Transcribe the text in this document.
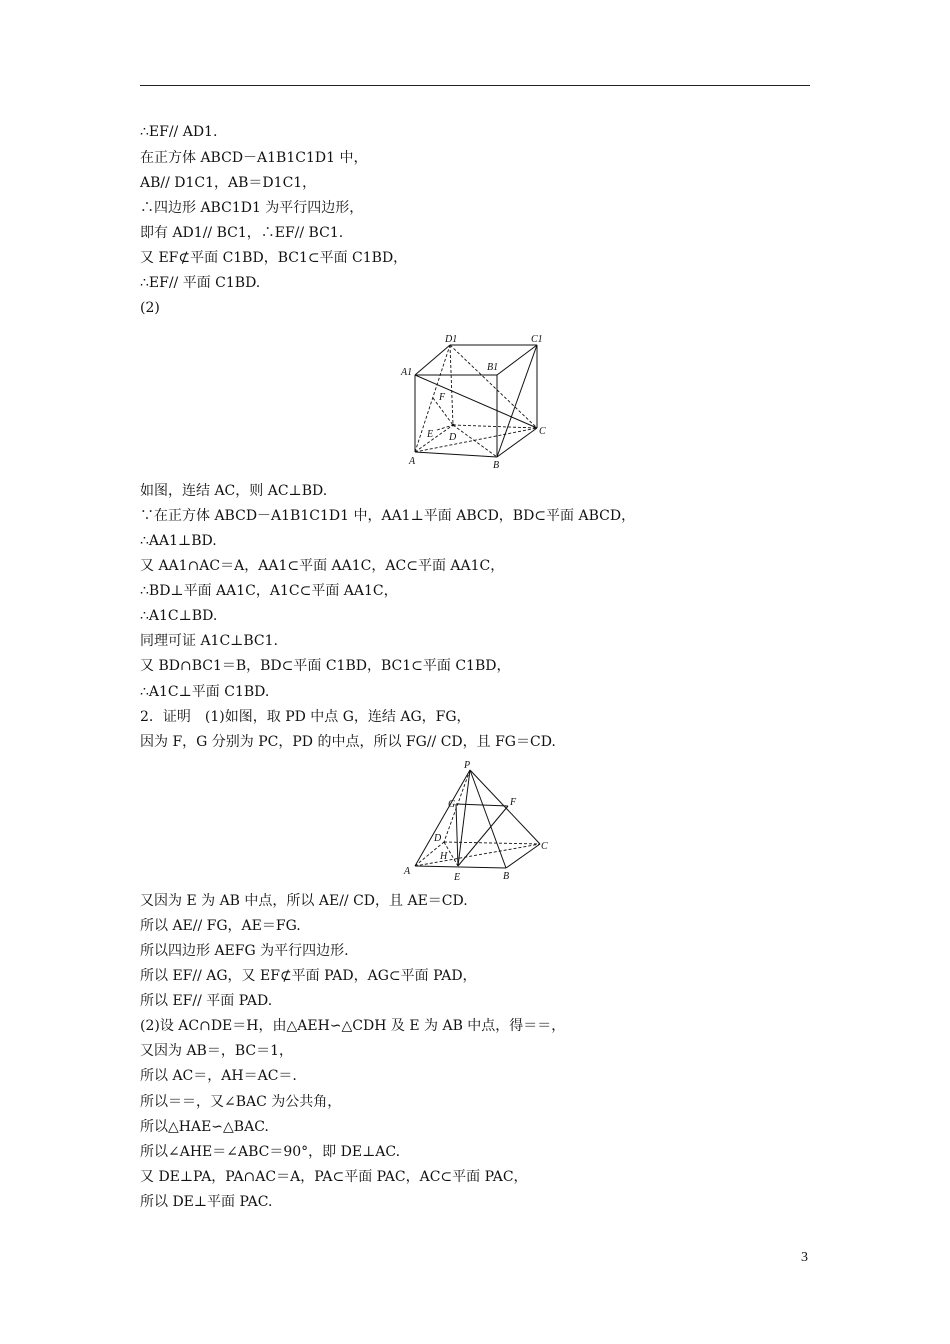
∴EF// AD1.
在正方体 ABCD－A1B1C1D1 中，
AB// D1C1，AB＝D1C1，
∴四边形 ABC1D1 为平行四边形，
即有 AD1// BC1，∴EF// BC1.
又 EF⊄平面 C1BD，BC1⊂平面 C1BD，
∴EF// 平面 C1BD.
(2)
D1	C1
A1	B1
F
E D
C
A	B
如图，连结 AC，则 AC⊥BD.
∵在正方体 ABCD－A1B1C1D1 中，AA1⊥平面 ABCD，BD⊂平面 ABCD，
∴AA1⊥BD.
又 AA1∩AC＝A，AA1⊂平面 AA1C，AC⊂平面 AA1C，
∴BD⊥平面 AA1C，A1C⊂平面 AA1C，
∴A1C⊥BD.
同理可证 A1C⊥BC1.
又 BD∩BC1＝B，BD⊂平面 C1BD，BC1⊂平面 C1BD，
∴A1C⊥平面 C1BD.
2．证明　(1)如图，取 PD 中点 G，连结 AG，FG，
因为 F，G 分别为 PC，PD 的中点，所以 FG// CD，且 FG＝CD.
P
G	F
D
H
C
A
E	B
又因为 E 为 AB 中点，所以 AE// CD，且 AE＝CD.
所以 AE// FG，AE＝FG.
所以四边形 AEFG 为平行四边形.
所以 EF// AG，又 EF⊄平面 PAD，AG⊂平面 PAD，
所以 EF// 平面 PAD.
(2)设 AC∩DE＝H，由△AEH∽△CDH 及 E 为 AB 中点，得＝＝，
又因为 AB＝，BC＝1，
所以 AC＝，AH＝AC＝.
所以＝＝，又∠BAC 为公共角，
所以△HAE∽△BAC.
所以∠AHE＝∠ABC＝90°，即 DE⊥AC.
又 DE⊥PA，PA∩AC＝A，PA⊂平面 PAC，AC⊂平面 PAC，
所以 DE⊥平面 PAC.
3
